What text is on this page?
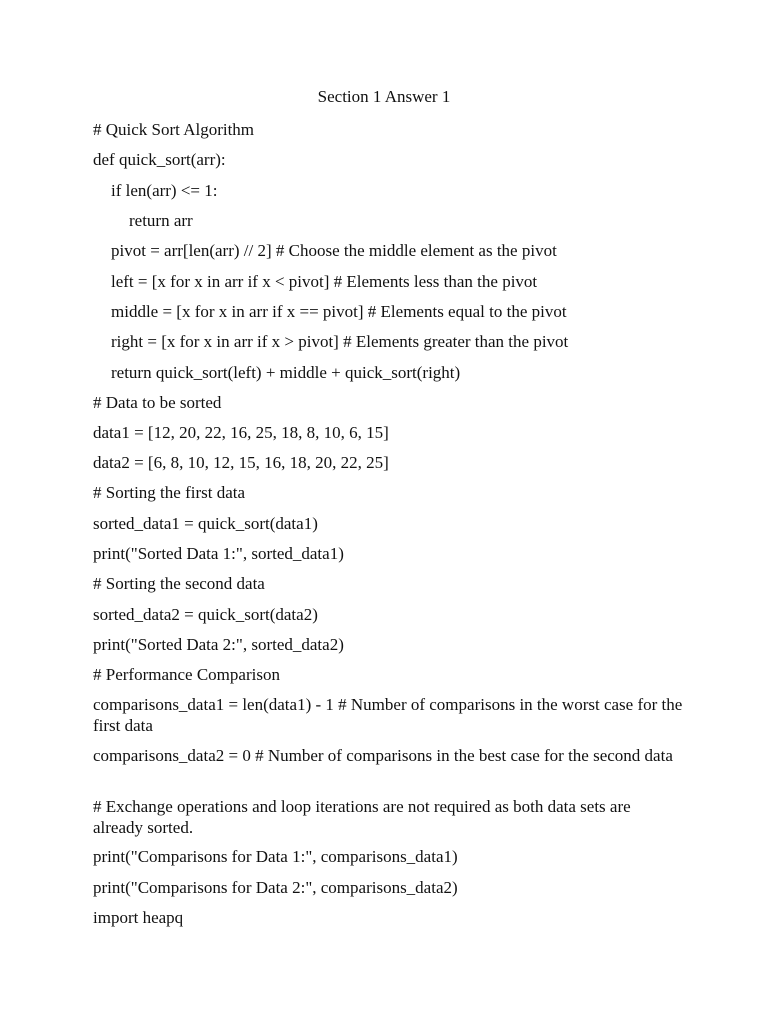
Section 1 Answer 1
# Quick Sort Algorithm
def quick_sort(arr):
if len(arr) <= 1:
return arr
pivot = arr[len(arr) // 2] # Choose the middle element as the pivot
left = [x for x in arr if x < pivot] # Elements less than the pivot
middle = [x for x in arr if x == pivot] # Elements equal to the pivot
right = [x for x in arr if x > pivot] # Elements greater than the pivot
return quick_sort(left) + middle + quick_sort(right)
# Data to be sorted
data1 = [12, 20, 22, 16, 25, 18, 8, 10, 6, 15]
data2 = [6, 8, 10, 12, 15, 16, 18, 20, 22, 25]
# Sorting the first data
sorted_data1 = quick_sort(data1)
print("Sorted Data 1:", sorted_data1)
# Sorting the second data
sorted_data2 = quick_sort(data2)
print("Sorted Data 2:", sorted_data2)
# Performance Comparison
comparisons_data1 = len(data1) - 1 # Number of comparisons in the worst case for the first data
comparisons_data2 = 0 # Number of comparisons in the best case for the second data
# Exchange operations and loop iterations are not required as both data sets are already sorted.
print("Comparisons for Data 1:", comparisons_data1)
print("Comparisons for Data 2:", comparisons_data2)
import heapq
